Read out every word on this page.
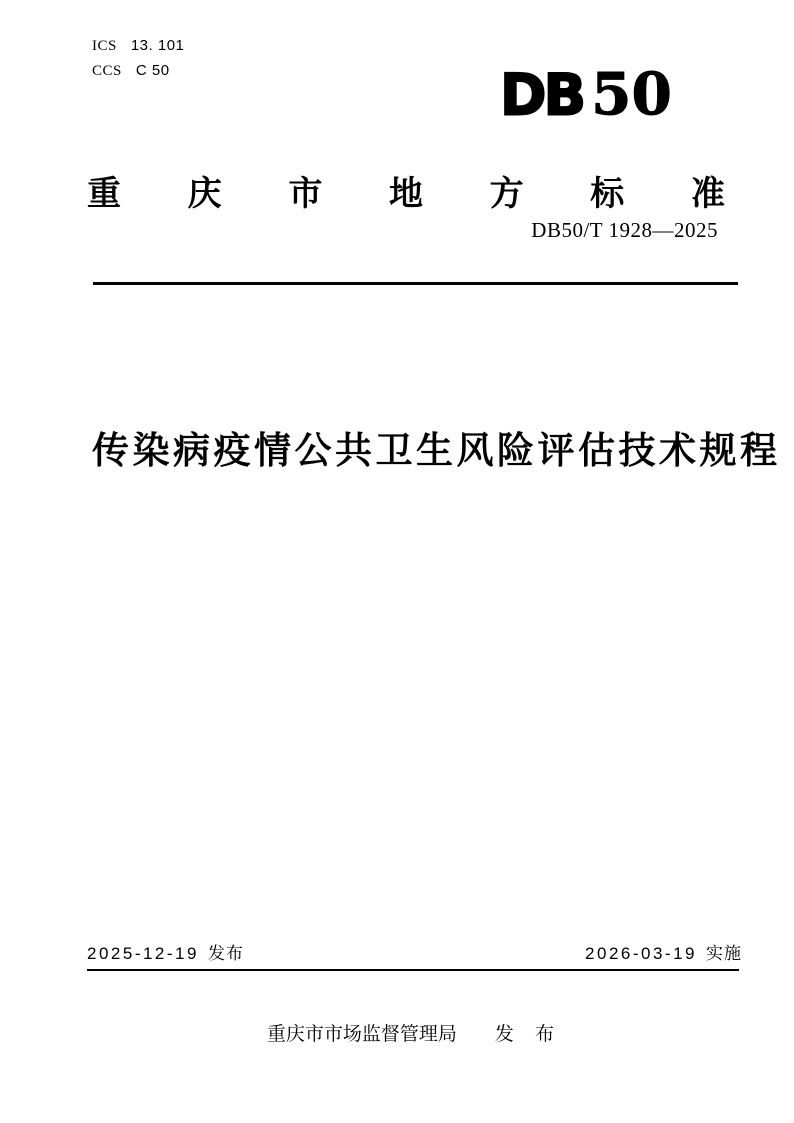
ICS 13. 101
CCS C 50	DB 50
重 庆 市 地 方 标 准
DB50/T 1928—2025
传染病疫情公共卫生风险评估技术规程
2025-12-19 发布	2026-03-19 实施
重庆市市场监督管理局 发 布
